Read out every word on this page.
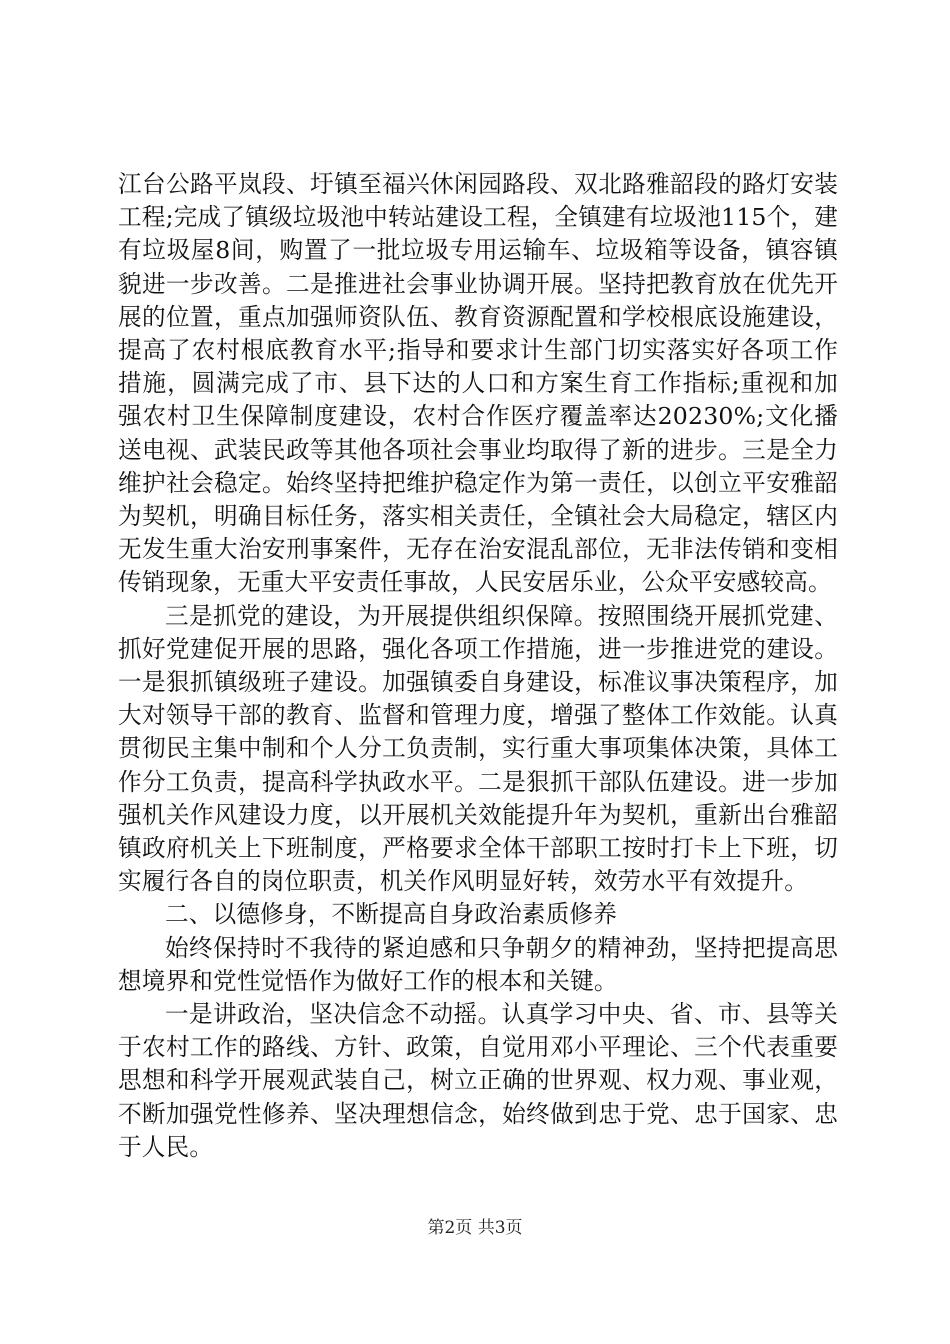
江台公路平岚段、圩镇至福兴休闲园路段、双北路雅韶段的路灯安装工程;完成了镇级垃圾池中转站建设工程，全镇建有垃圾池115个，建有垃圾屋8间，购置了一批垃圾专用运输车、垃圾箱等设备，镇容镇貌进一步改善。二是推进社会事业协调开展。坚持把教育放在优先开展的位置，重点加强师资队伍、教育资源配置和学校根底设施建设，提高了农村根底教育水平;指导和要求计生部门切实落实好各项工作措施，圆满完成了市、县下达的人口和方案生育工作指标;重视和加强农村卫生保障制度建设，农村合作医疗覆盖率达20230%;文化播送电视、武装民政等其他各项社会事业均取得了新的进步。三是全力维护社会稳定。始终坚持把维护稳定作为第一责任，以创立平安雅韶为契机，明确目标任务，落实相关责任，全镇社会大局稳定，辖区内无发生重大治安刑事案件，无存在治安混乱部位，无非法传销和变相传销现象，无重大平安责任事故，人民安居乐业，公众平安感较高。

三是抓党的建设，为开展提供组织保障。按照围绕开展抓党建、抓好党建促开展的思路，强化各项工作措施，进一步推进党的建设。一是狠抓镇级班子建设。加强镇委自身建设，标准议事决策程序，加大对领导干部的教育、监督和管理力度，增强了整体工作效能。认真贯彻民主集中制和个人分工负责制，实行重大事项集体决策，具体工作分工负责，提高科学执政水平。二是狠抓干部队伍建设。进一步加强机关作风建设力度，以开展机关效能提升年为契机，重新出台雅韶镇政府机关上下班制度，严格要求全体干部职工按时打卡上下班，切实履行各自的岗位职责，机关作风明显好转，效劳水平有效提升。

二、以德修身，不断提高自身政治素质修养

始终保持时不我待的紧迫感和只争朝夕的精神劲，坚持把提高思想境界和党性觉悟作为做好工作的根本和关键。

一是讲政治，坚决信念不动摇。认真学习中央、省、市、县等关于农村工作的路线、方针、政策，自觉用邓小平理论、三个代表重要思想和科学开展观武装自己，树立正确的世界观、权力观、事业观，不断加强党性修养、坚决理想信念，始终做到忠于党、忠于国家、忠于人民。

第2页 共3页
